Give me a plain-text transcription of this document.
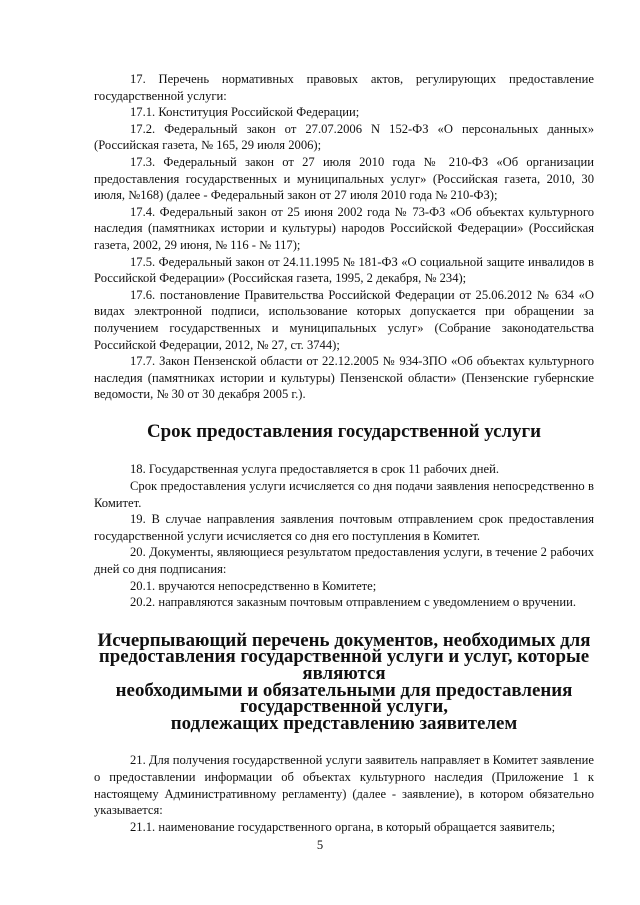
17. Перечень нормативных правовых актов, регулирующих предоставление государственной услуги:

17.1. Конституция Российской Федерации;

17.2. Федеральный закон от 27.07.2006 N 152-ФЗ «О персональных данных» (Российская газета, № 165, 29 июля 2006);

17.3. Федеральный закон от 27 июля 2010 года № 210-ФЗ «Об организации предоставления государственных и муниципальных услуг» (Российская газета, 2010, 30 июля, №168) (далее - Федеральный закон от 27 июля 2010 года № 210-ФЗ);

17.4. Федеральный закон от 25 июня 2002 года № 73-ФЗ «Об объектах культурного наследия (памятниках истории и культуры) народов Российской Федерации» (Российская газета, 2002, 29 июня, № 116 - № 117);

17.5. Федеральный закон от 24.11.1995 № 181-ФЗ «О социальной защите инвалидов в Российской Федерации» (Российская газета, 1995, 2 декабря, № 234);

17.6. постановление Правительства Российской Федерации от 25.06.2012 № 634 «О видах электронной подписи, использование которых допускается при обращении за получением государственных и муниципальных услуг» (Собрание законодательства Российской Федерации, 2012, № 27, ст. 3744);

17.7. Закон Пензенской области от 22.12.2005 № 934-ЗПО «Об объектах культурного наследия (памятниках истории и культуры) Пензенской области» (Пензенские губернские ведомости, № 30 от 30 декабря 2005 г.).

Срок предоставления государственной услуги

18. Государственная услуга предоставляется в срок 11 рабочих дней.

Срок предоставления услуги исчисляется со дня подачи заявления непосредственно в Комитет.

19. В случае направления заявления почтовым отправлением срок предоставления государственной услуги исчисляется со дня его поступления в Комитет.

20. Документы, являющиеся результатом предоставления услуги, в течение 2 рабочих дней со дня подписания:

20.1. вручаются непосредственно в Комитете;

20.2. направляются заказным почтовым отправлением с уведомлением о вручении.

Исчерпывающий перечень документов, необходимых для
предоставления государственной услуги и услуг, которые являются
необходимыми и обязательными для предоставления государственной услуги,
подлежащих представлению заявителем

21. Для получения государственной услуги заявитель направляет в Комитет заявление о предоставлении информации об объектах культурного наследия (Приложение 1 к настоящему Административному регламенту) (далее - заявление), в котором обязательно указывается:

21.1. наименование государственного органа, в который обращается заявитель;

5
